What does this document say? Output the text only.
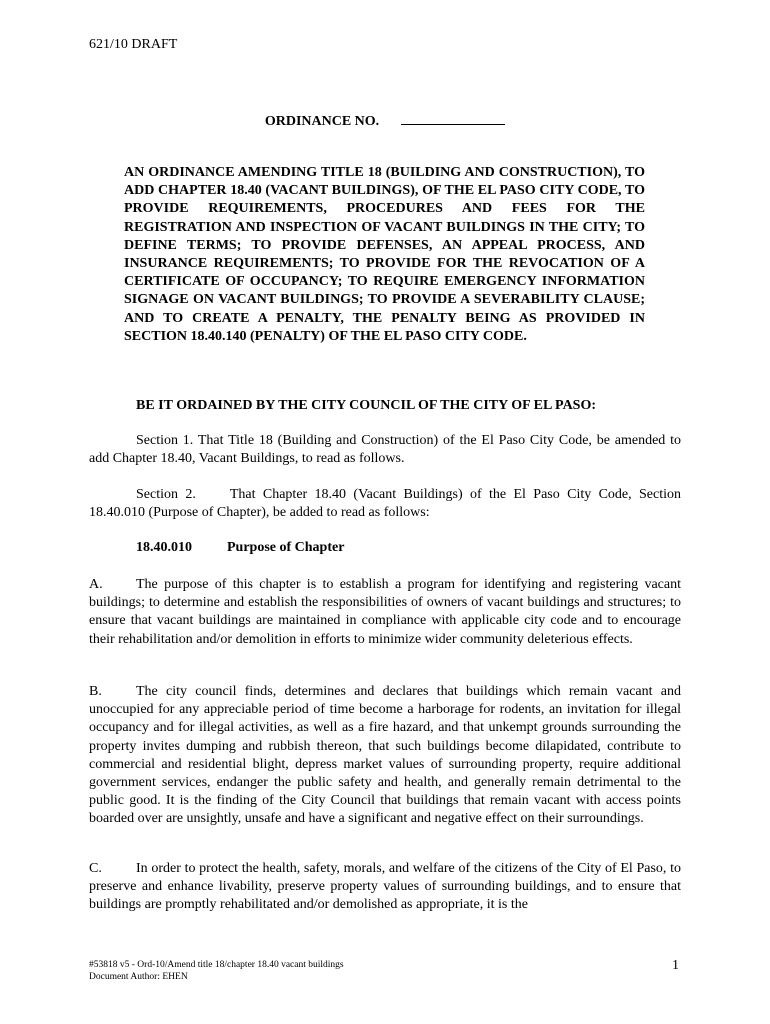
621/10 DRAFT
ORDINANCE NO.
AN ORDINANCE AMENDING TITLE 18 (BUILDING AND CONSTRUCTION), TO ADD CHAPTER 18.40 (VACANT BUILDINGS), OF THE EL PASO CITY CODE, TO PROVIDE REQUIREMENTS, PROCEDURES AND FEES FOR THE REGISTRATION AND INSPECTION OF VACANT BUILDINGS IN THE CITY; TO DEFINE TERMS; TO PROVIDE DEFENSES, AN APPEAL PROCESS, AND INSURANCE REQUIREMENTS; TO PROVIDE FOR THE REVOCATION OF A CERTIFICATE OF OCCUPANCY; TO REQUIRE EMERGENCY INFORMATION SIGNAGE ON VACANT BUILDINGS; TO PROVIDE A SEVERABILITY CLAUSE; AND TO CREATE A PENALTY, THE PENALTY BEING AS PROVIDED IN SECTION 18.40.140 (PENALTY) OF THE EL PASO CITY CODE.
BE IT ORDAINED BY THE CITY COUNCIL OF THE CITY OF EL PASO:
Section 1. That Title 18 (Building and Construction) of the El Paso City Code, be amended to add Chapter 18.40, Vacant Buildings, to read as follows.
Section 2. That Chapter 18.40 (Vacant Buildings) of the El Paso City Code, Section 18.40.010 (Purpose of Chapter), be added to read as follows:
18.40.010	Purpose of Chapter
A. The purpose of this chapter is to establish a program for identifying and registering vacant buildings; to determine and establish the responsibilities of owners of vacant buildings and structures; to ensure that vacant buildings are maintained in compliance with applicable city code and to encourage their rehabilitation and/or demolition in efforts to minimize wider community deleterious effects.
B. The city council finds, determines and declares that buildings which remain vacant and unoccupied for any appreciable period of time become a harborage for rodents, an invitation for illegal occupancy and for illegal activities, as well as a fire hazard, and that unkempt grounds surrounding the property invites dumping and rubbish thereon, that such buildings become dilapidated, contribute to commercial and residential blight, depress market values of surrounding property, require additional government services, endanger the public safety and health, and generally remain detrimental to the public good. It is the finding of the City Council that buildings that remain vacant with access points boarded over are unsightly, unsafe and have a significant and negative effect on their surroundings.
C. In order to protect the health, safety, morals, and welfare of the citizens of the City of El Paso, to preserve and enhance livability, preserve property values of surrounding buildings, and to ensure that buildings are promptly rehabilitated and/or demolished as appropriate, it is the
#53818 v5 - Ord-10/Amend title 18/chapter 18.40 vacant buildings
Document Author: EHEN
1
